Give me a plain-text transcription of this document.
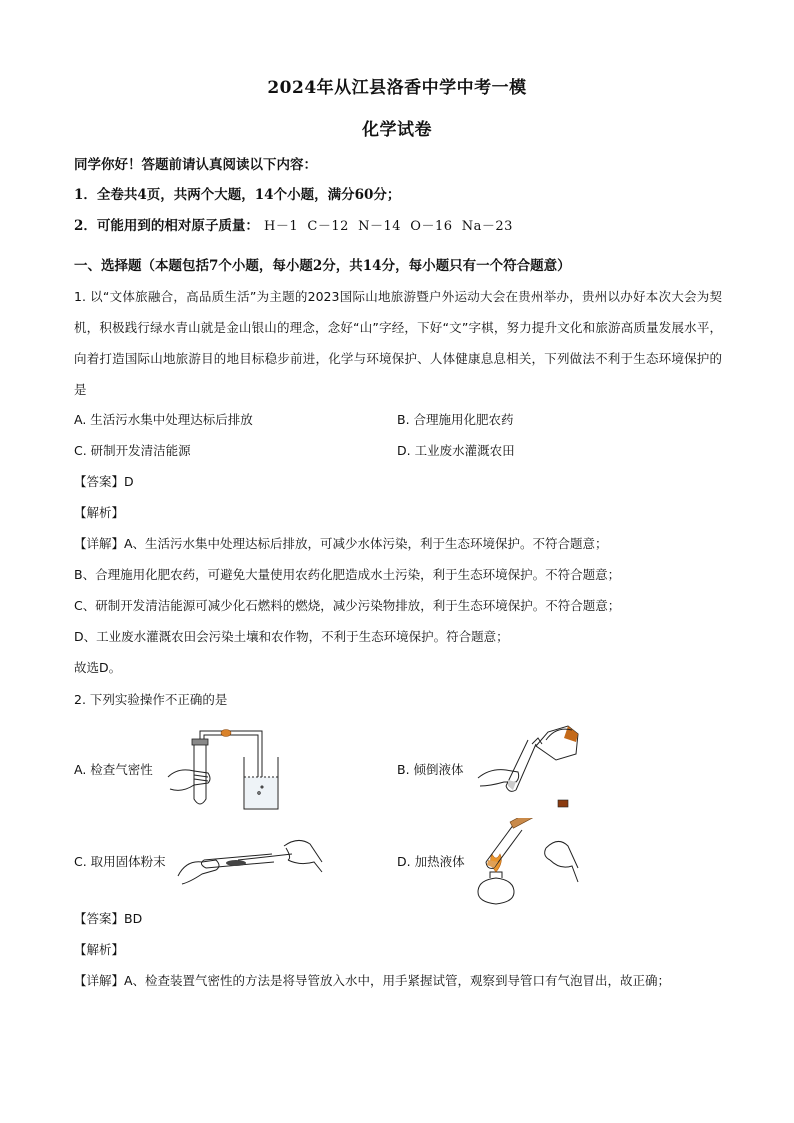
2024年从江县洛香中学中考一模
化学试卷
同学你好！答题前请认真阅读以下内容：
1．全卷共4页，共两个大题，14个小题，满分60分；
2．可能用到的相对原子质量： H－1  C－12  N－14  O－16  Na－23
一、选择题（本题包括7个小题，每小题2分，共14分，每小题只有一个符合题意）
1. 以“文体旅融合，高品质生活”为主题的2023国际山地旅游暨户外运动大会在贵州举办，贵州以办好本次大会为契机，积极践行绿水青山就是金山银山的理念，念好“山”字经，下好“文”字棋，努力提升文化和旅游高质量发展水平，向着打造国际山地旅游目的地目标稳步前进，化学与环境保护、人体健康息息相关，下列做法不利于生态环境保护的是
A. 生活污水集中处理达标后排放	B. 合理施用化肥农药
C. 研制开发清洁能源	D. 工业废水灌溉农田
【答案】D
【解析】
【详解】A、生活污水集中处理达标后排放，可减少水体污染，利于生态环境保护。不符合题意；
B、合理施用化肥农药，可避免大量使用农药化肥造成水土污染，利于生态环境保护。不符合题意；
C、研制开发清洁能源可减少化石燃料的燃烧，减少污染物排放，利于生态环境保护。不符合题意；
D、工业废水灌溉农田会污染土壤和农作物，不利于生态环境保护。符合题意；
故选D。
2. 下列实验操作不正确的是
A. 检查气密性	B. 倾倒液体
C. 取用固体粉末	D. 加热液体
【答案】BD
【解析】
【详解】A、检查装置气密性的方法是将导管放入水中，用手紧握试管，观察到导管口有气泡冒出，故正确；
